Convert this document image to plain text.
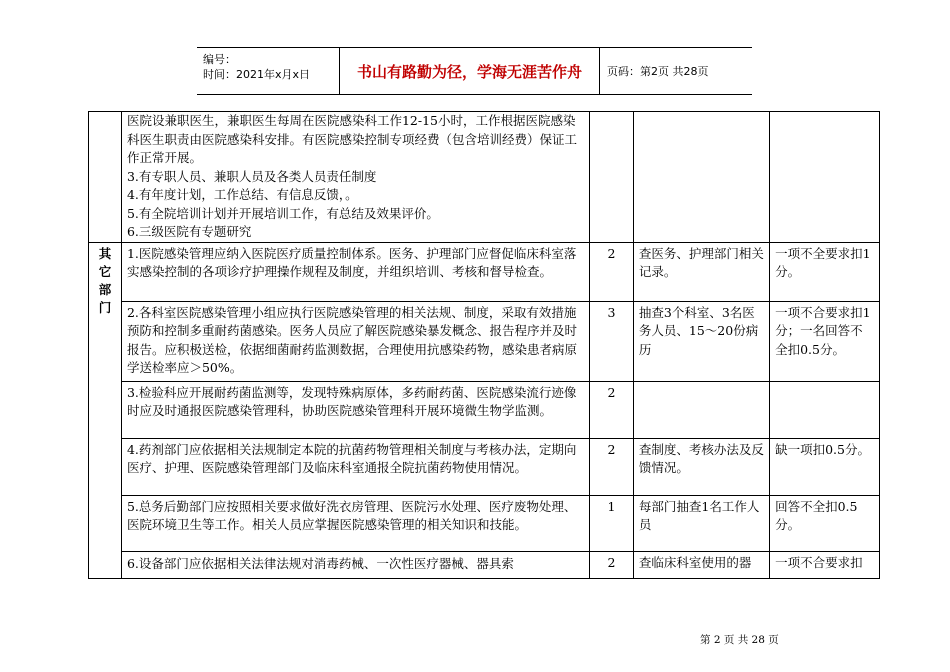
编号：
时间：2021年x月x日	书山有路勤为径，学海无涯苦作舟	页码：第2页 共28页

	医院设兼职医生，兼职医生每周在医院感染科工作12-15小时，工作根据医院感染科医生职责由医院感染科安排。有医院感染控制专项经费（包含培训经费）保证工作正常开展。
3.有专职人员、兼职人员及各类人员责任制度
4.有年度计划，工作总结、有信息反馈，。
5.有全院培训计划并开展培训工作，有总结及效果评价。
6.三级医院有专题研究			

其它部门	1.医院感染管理应纳入医院医疗质量控制体系。医务、护理部门应督促临床科室落实感染控制的各项诊疗护理操作规程及制度，并组织培训、考核和督导检查。	2	查医务、护理部门相关记录。	一项不全要求扣1分。
	2.各科室医院感染管理小组应执行医院感染管理的相关法规、制度，采取有效措施预防和控制多重耐药菌感染。医务人员应了解医院感染暴发概念、报告程序并及时报告。应积极送检，依据细菌耐药监测数据，合理使用抗感染药物，感染患者病原学送检率应＞50%。	3	抽查3个科室、3名医务人员、15～20份病历	一项不合要求扣1分；一名回答不全扣0.5分。
	3.检验科应开展耐药菌监测等，发现特殊病原体，多药耐药菌、医院感染流行迹像时应及时通报医院感染管理科，协助医院感染管理科开展环境微生物学监测。	2		
	4.药剂部门应依据相关法规制定本院的抗菌药物管理相关制度与考核办法，定期向医疗、护理、医院感染管理部门及临床科室通报全院抗菌药物使用情况。	2	查制度、考核办法及反馈情况。	缺一项扣0.5分。
	5.总务后勤部门应按照相关要求做好洗衣房管理、医院污水处理、医疗废物处理、医院环境卫生等工作。相关人员应掌握医院感染管理的相关知识和技能。	1	每部门抽查1名工作人员	回答不全扣0.5分。
	6.设备部门应依据相关法律法规对消毒药械、一次性医疗器械、器具索	2	查临床科室使用的器	一项不合要求扣
第 2 页 共 28 页
